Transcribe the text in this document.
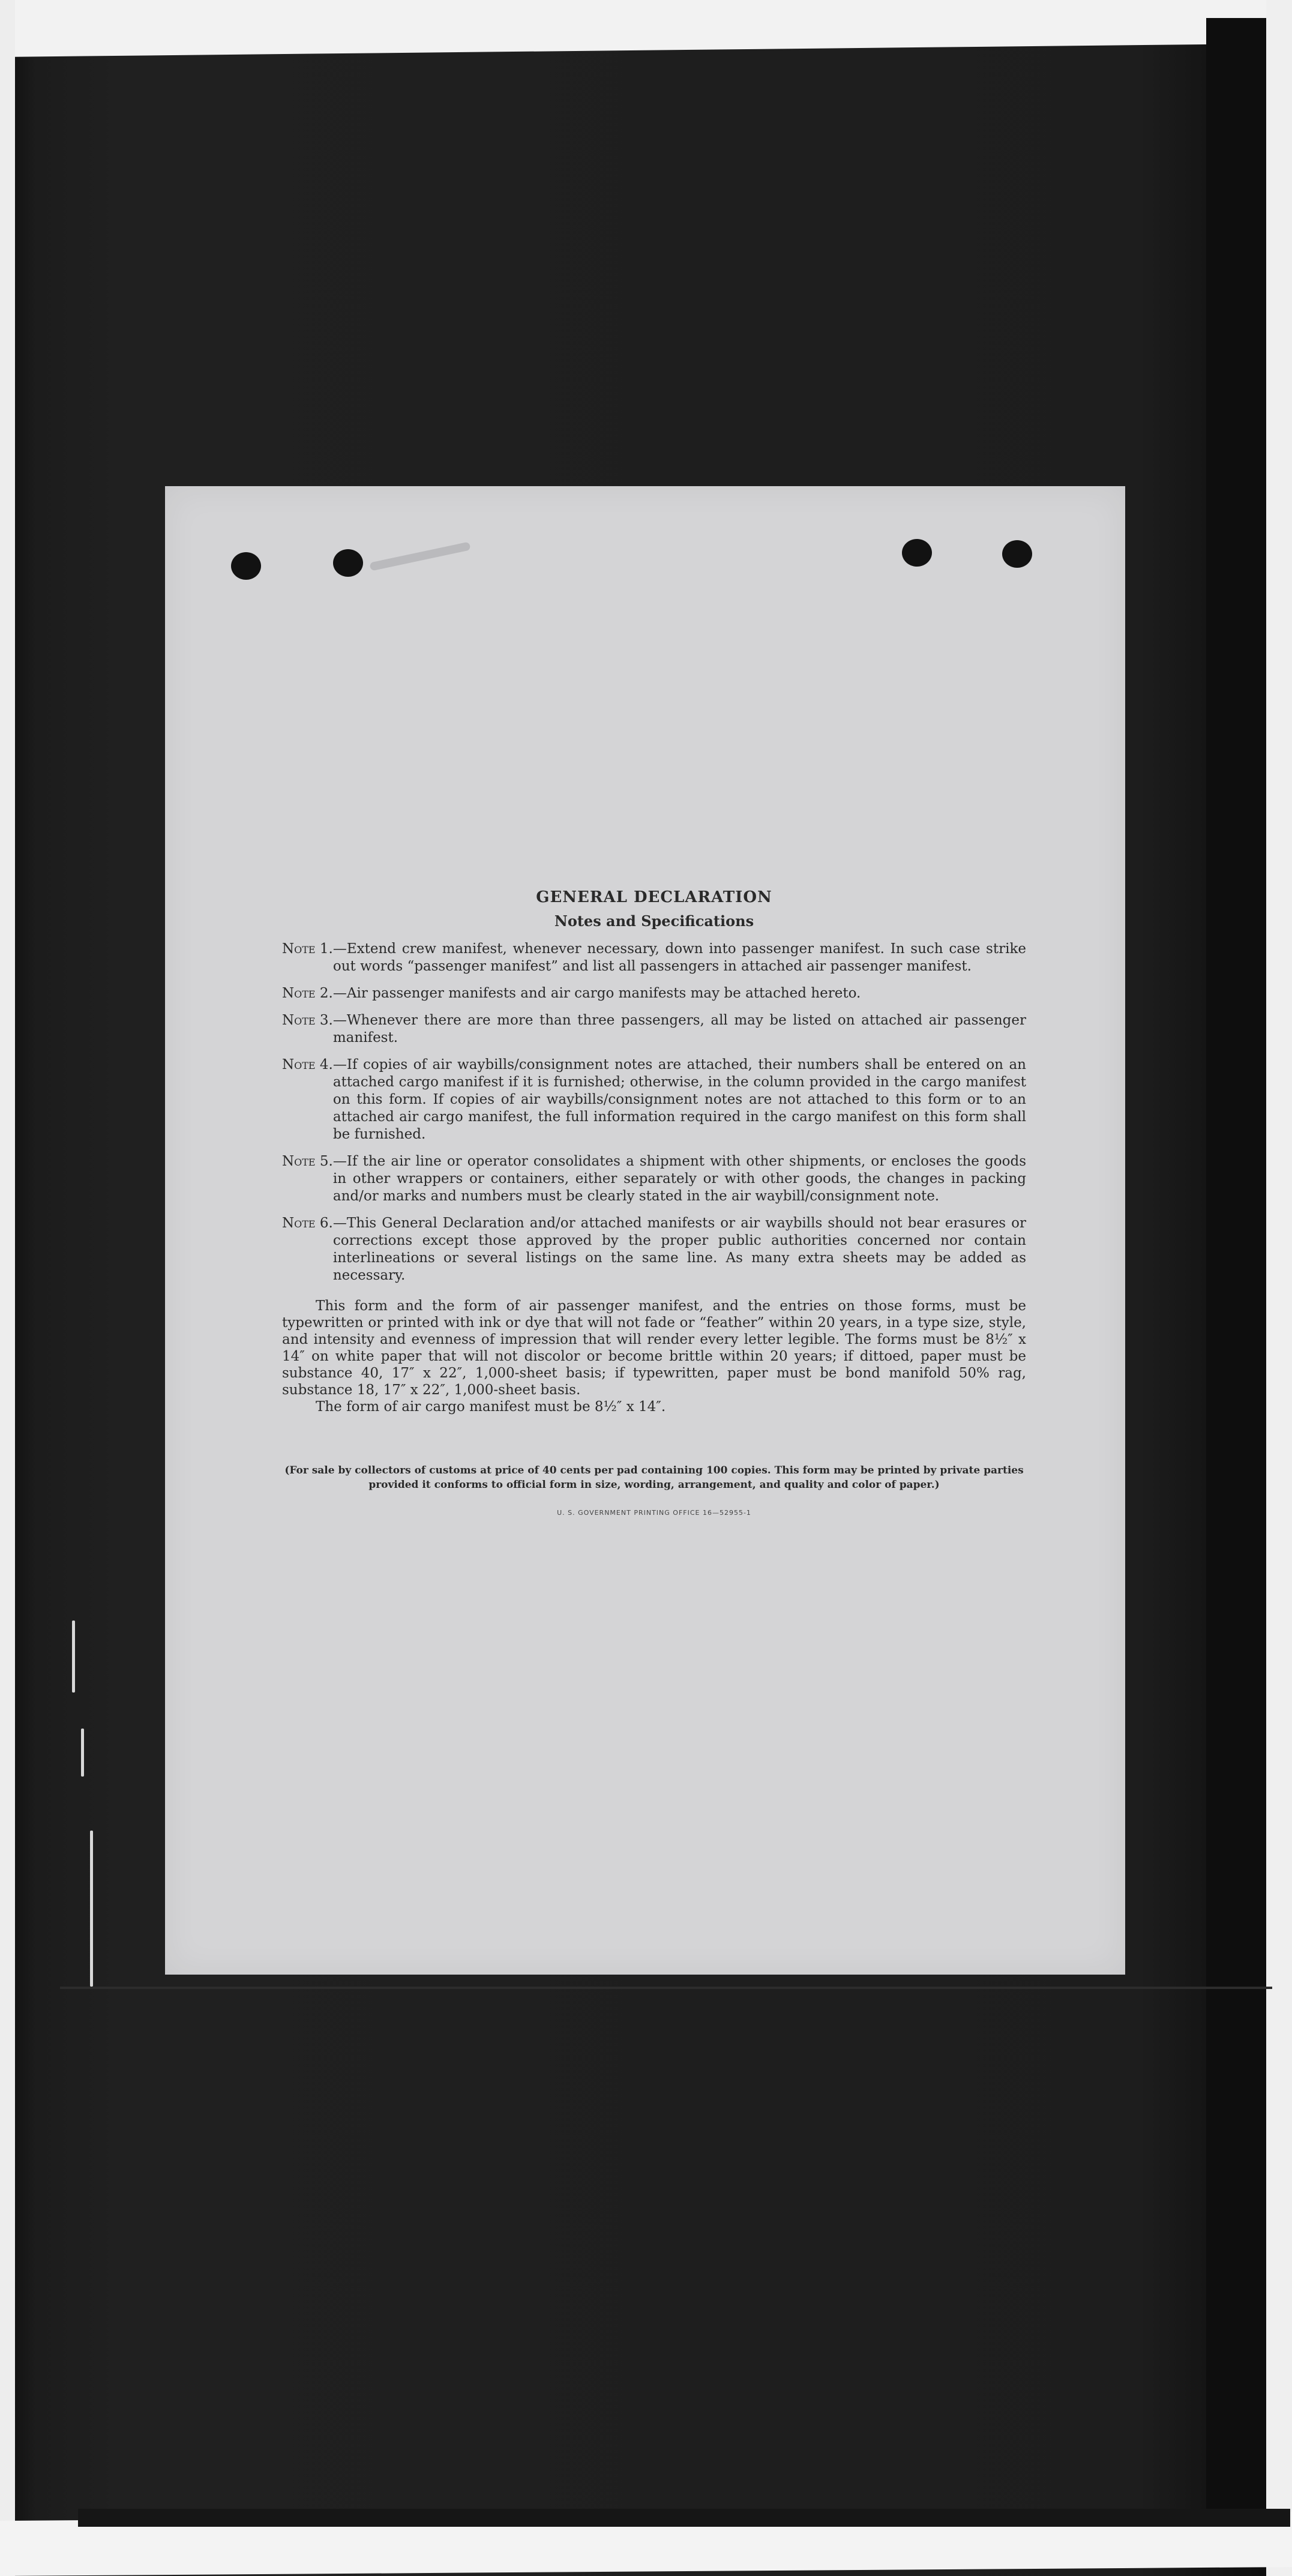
GENERAL DECLARATION
Notes and Specifications
Note 1. —Extend crew manifest, whenever necessary, down into passenger manifest. In such case strike out words “passenger manifest” and list all passengers in attached air passenger manifest.
Note 2. —Air passenger manifests and air cargo manifests may be attached hereto.
Note 3. —Whenever there are more than three passengers, all may be listed on attached air passenger manifest.
Note 4. —If copies of air waybills/consignment notes are attached, their numbers shall be entered on an attached cargo manifest if it is furnished; otherwise, in the column provided in the cargo manifest on this form. If copies of air waybills/consignment notes are not attached to this form or to an attached air cargo manifest, the full information required in the cargo manifest on this form shall be furnished.
Note 5. —If the air line or operator consolidates a shipment with other shipments, or encloses the goods in other wrappers or containers, either separately or with other goods, the changes in packing and/or marks and numbers must be clearly stated in the air waybill/consignment note.
Note 6. —This General Declaration and/or attached manifests or air waybills should not bear erasures or corrections except those approved by the proper public authorities concerned nor contain interlineations or several listings on the same line. As many extra sheets may be added as necessary.

This form and the form of air passenger manifest, and the entries on those forms, must be typewritten or printed with ink or dye that will not fade or “feather” within 20 years, in a type size, style, and intensity and evenness of impression that will render every letter legible. The forms must be 8½″ x 14″ on white paper that will not discolor or become brittle within 20 years; if dittoed, paper must be substance 40, 17″ x 22″, 1,000-sheet basis; if typewritten, paper must be bond manifold 50% rag, substance 18, 17″ x 22″, 1,000-sheet basis.

The form of air cargo manifest must be 8½″ x 14″.

(For sale by collectors of customs at price of 40 cents per pad containing 100 copies. This form may be printed by private parties provided it conforms to official form in size, wording, arrangement, and quality and color of paper.)
U. S. GOVERNMENT PRINTING OFFICE 16—52955-1
